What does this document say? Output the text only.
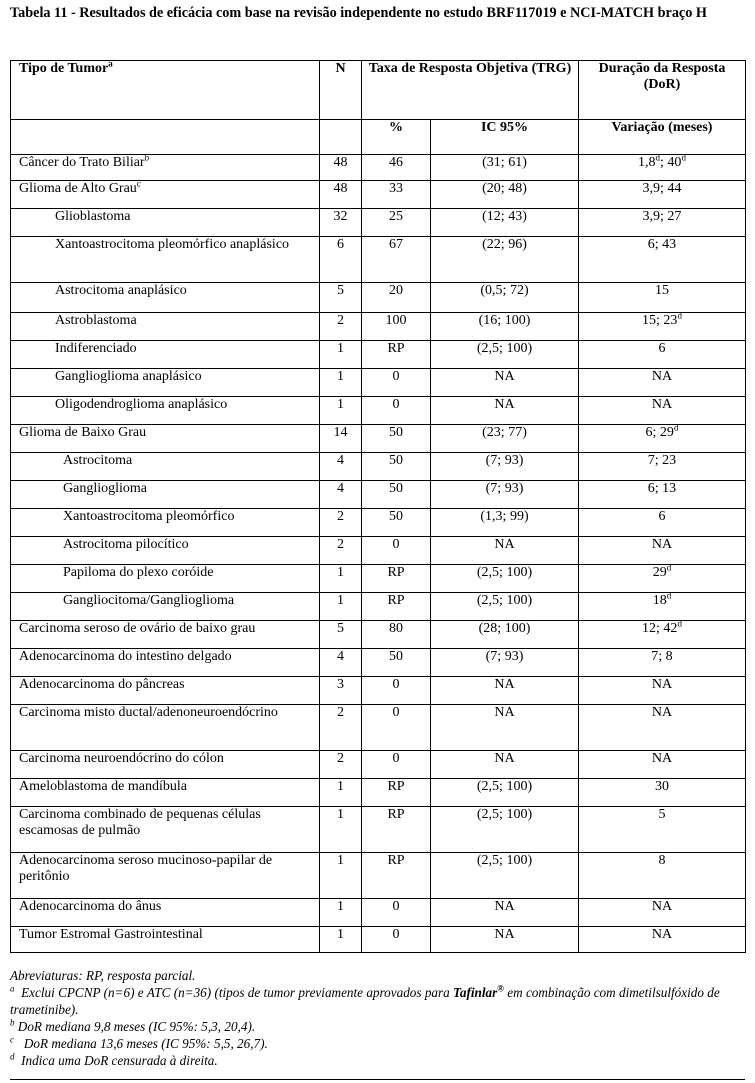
Tabela 11 - Resultados de eficácia com base na revisão independente no estudo BRF117019 e NCI-MATCH braço H
Tipo de Tumor$^a$	N	Taxa de Resposta Objetiva (TRG)		Duração da Resposta (DoR)
		%	IC 95%	Variação (meses)
Câncer do Trato Biliar$^b$	48	46	(31; 61)	1,8$^d$; 40$^d$
Glioma de Alto Grau$^c$	48	33	(20; 48)	3,9; 44
Glioblastoma	32	25	(12; 43)	3,9; 27
Xantoastrocitoma pleomórfico anaplásico	6	67	(22; 96)	6; 43
Astrocitoma anaplásico	5	20	(0,5; 72)	15
Astroblastoma	2	100	(16; 100)	15; 23$^d$
Indiferenciado	1	RP	(2,5; 100)	6
Ganglioglioma anaplásico	1	0	NA	NA
Oligodendroglioma anaplásico	1	0	NA	NA
Glioma de Baixo Grau	14	50	(23; 77)	6; 29$^d$
Astrocitoma	4	50	(7; 93)	7; 23
Ganglioglioma	4	50	(7; 93)	6; 13
Xantoastrocitoma pleomórfico	2	50	(1,3; 99)	6
Astrocitoma pilocítico	2	0	NA	NA
Papiloma do plexo coróide	1	RP	(2,5; 100)	29$^d$
Gangliocitoma/Ganglioglioma	1	RP	(2,5; 100)	18$^d$
Carcinoma seroso de ovário de baixo grau	5	80	(28; 100)	12; 42$^d$
Adenocarcinoma do intestino delgado	4	50	(7; 93)	7; 8
Adenocarcinoma do pâncreas	3	0	NA	NA
Carcinoma misto ductal/adenoneuroendócrino	2	0	NA	NA
Carcinoma neuroendócrino do cólon	2	0	NA	NA
Ameloblastoma de mandíbula	1	RP	(2,5; 100)	30
Carcinoma combinado de pequenas células escamosas de pulmão	1	RP	(2,5; 100)	5
Adenocarcinoma seroso mucinoso-papilar de peritônio	1	RP	(2,5; 100)	8
Adenocarcinoma do ânus	1	0	NA	NA
Tumor Estromal Gastrointestinal	1	0	NA	NA
Abreviaturas: RP, resposta parcial.
$^a$ Exclui CPCNP (n=6) e ATC (n=36) (tipos de tumor previamente aprovados para Tafinlar® em combinação com dimetilsulfóxido de trametinibe).
$^b$ DoR mediana 9,8 meses (IC 95%: 5,3, 20,4).
$^c$ DoR mediana 13,6 meses (IC 95%: 5,5, 26,7).
$^d$ Indica uma DoR censurada à direita.
